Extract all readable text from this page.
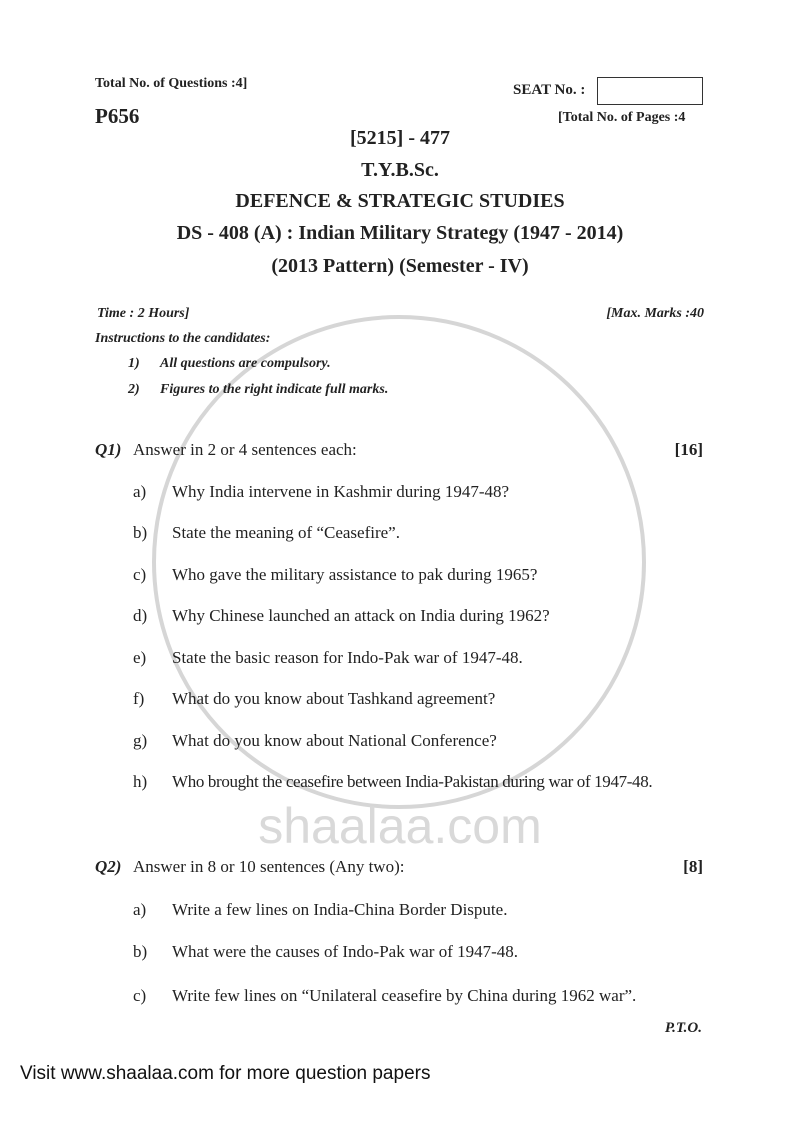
shaalaa.com
Total No. of Questions :4]
P656
SEAT No. :
[Total No. of Pages :4
[5215] - 477
T.Y.B.Sc.
DEFENCE & STRATEGIC STUDIES
DS - 408 (A) : Indian Military Strategy (1947 - 2014)
(2013 Pattern) (Semester - IV)
Time : 2 Hours]	[Max. Marks :40
Instructions to the candidates:
1) All questions are compulsory.
2) Figures to the right indicate full marks.
Q1) Answer in 2 or 4 sentences each:	[16]
a) Why India intervene in Kashmir during 1947-48?
b) State the meaning of “Ceasefire”.
c) Who gave the military assistance to pak during 1965?
d) Why Chinese launched an attack on India during 1962?
e) State the basic reason for Indo-Pak war of 1947-48.
f) What do you know about Tashkand agreement?
g) What do you know about National Conference?
h) Who brought the ceasefire between India-Pakistan during war of 1947-48.
Q2) Answer in 8 or 10 sentences (Any two):	[8]
a) Write a few lines on India-China Border Dispute.
b) What were the causes of Indo-Pak war of 1947-48.
c) Write few lines on “Unilateral ceasefire by China during 1962 war”.
P.T.O.
Visit www.shaalaa.com for more question papers
